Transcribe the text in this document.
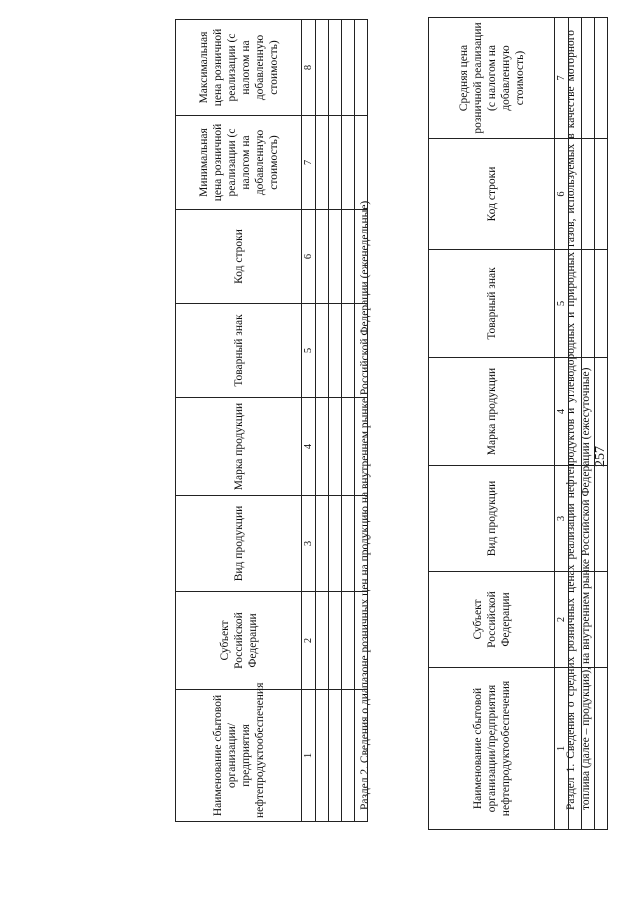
257
Раздел 1. Сведения о средних розничных ценах реализации нефтепродуктов и углеводородных и природных газов, используемых в качестве моторного топлива (далее – продукция), на внутреннем рынке Российской Федерации (ежесуточные)
Наименование сбытовой организации/предприятия нефтепродуктообеспечения	Субъект Российской Федерации	Вид продукции	Марка продукции	Товарный знак	Код строки	Средняя цена розничной реализации (с налогом на добавленную стоимость)
1	2	3	4	5	6	7

Раздел 2. Сведения о диапазоне розничных цен на продукцию на внутреннем рынке Российской Федерации (еженедельные)
Наименование сбытовой организации/предприятия нефтепродуктообеспечения	Субъект Российской Федерации	Вид продукции	Марка продукции	Товарный знак	Код строки	Минимальная цена розничной реализации (с налогом на добавленную стоимость)	Максимальная цена розничной реализации (с налогом на добавленную стоимость)
1	2	3	4	5	6	7	8
